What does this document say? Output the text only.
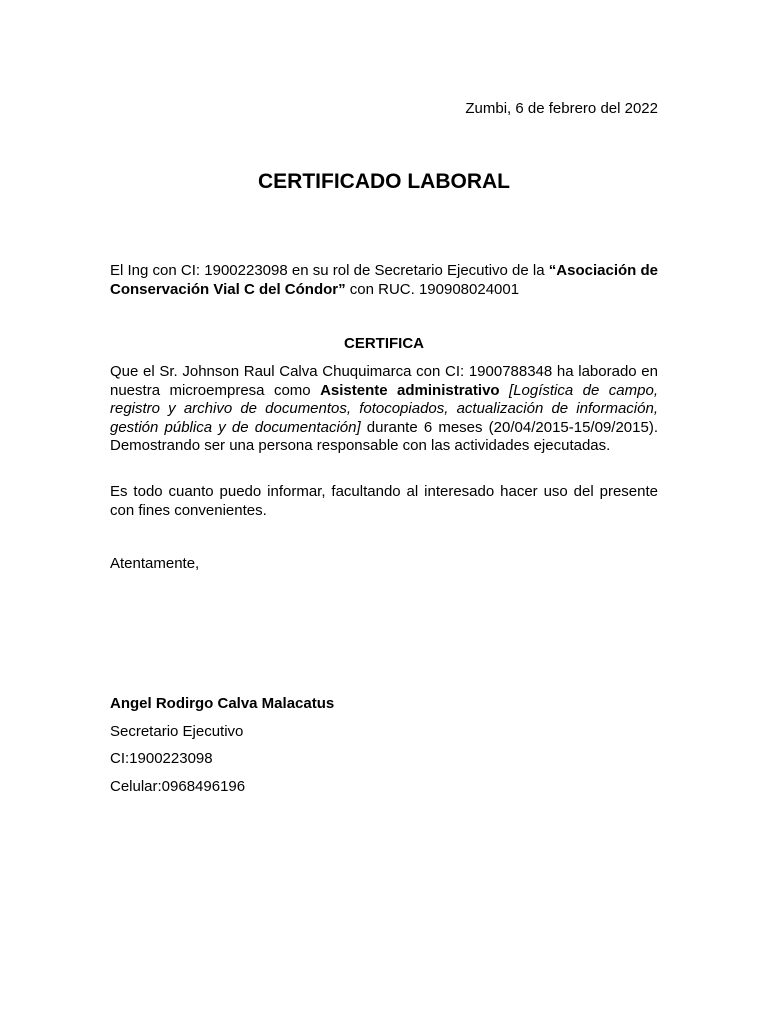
Zumbi, 6 de febrero del 2022

CERTIFICADO LABORAL

El Ing con CI: 1900223098 en su rol de Secretario Ejecutivo de la “Asociación de Conservación Vial C del Cóndor” con RUC. 190908024001

CERTIFICA

Que el Sr. Johnson Raul Calva Chuquimarca con CI: 1900788348 ha laborado en nuestra microempresa como Asistente administrativo [Logística de campo, registro y archivo de documentos, fotocopiados, actualización de información, gestión pública y de documentación] durante 6 meses (20/04/2015-15/09/2015). Demostrando ser una persona responsable con las actividades ejecutadas.

Es todo cuanto puedo informar, facultando al interesado hacer uso del presente con fines convenientes.

Atentamente,

Angel Rodirgo Calva Malacatus

Secretario Ejecutivo

CI:1900223098

Celular:0968496196
